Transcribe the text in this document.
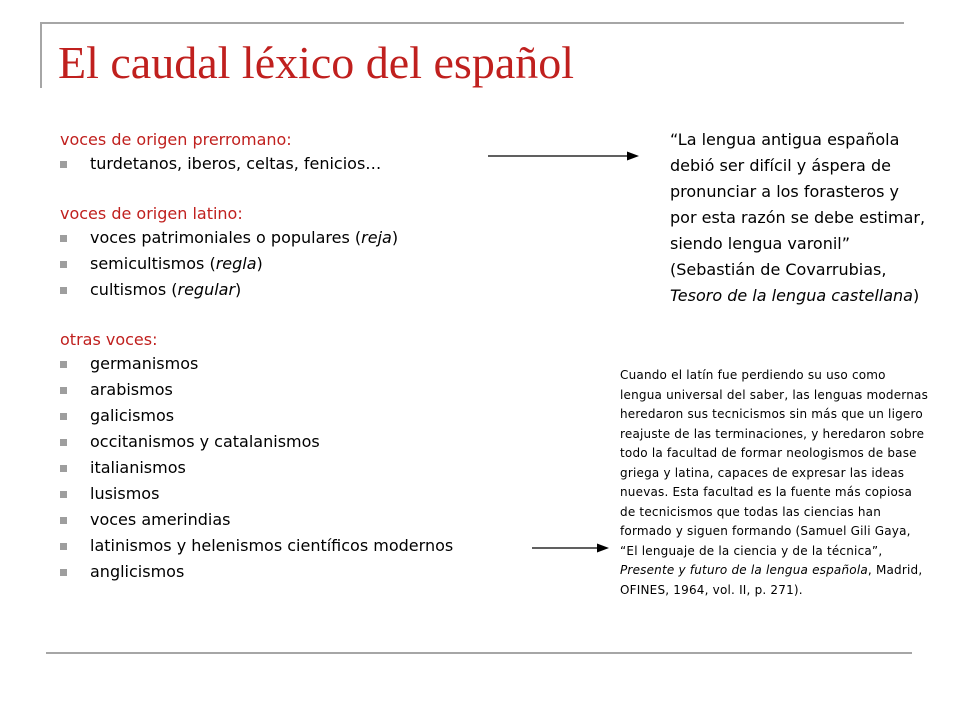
El caudal léxico del español
voces de origen prerromano:
turdetanos, iberos, celtas, fenicios…
voces de origen latino:
voces patrimoniales o populares (reja)
semicultismos (regla)
cultismos (regular)
otras voces:
germanismos
arabismos
galicismos
occitanismos y catalanismos
italianismos
lusismos
voces amerindias
latinismos y helenismos científicos modernos
anglicismos
“La lengua antigua española debió ser difícil y áspera de pronunciar a los forasteros y por esta razón se debe estimar, siendo lengua varonil” (Sebastián de Covarrubias, Tesoro de la lengua castellana)
Cuando el latín fue perdiendo su uso como lengua universal del saber, las lenguas modernas heredaron sus tecnicismos sin más que un ligero reajuste de las terminaciones, y heredaron sobre todo la facultad de formar neologismos de base griega y latina, capaces de expresar las ideas nuevas. Esta facultad es la fuente más copiosa de tecnicismos que todas las ciencias han formado y siguen formando (Samuel Gili Gaya, “El lenguaje de la ciencia y de la técnica”, Presente y futuro de la lengua española, Madrid, OFINES, 1964, vol. II, p. 271).
